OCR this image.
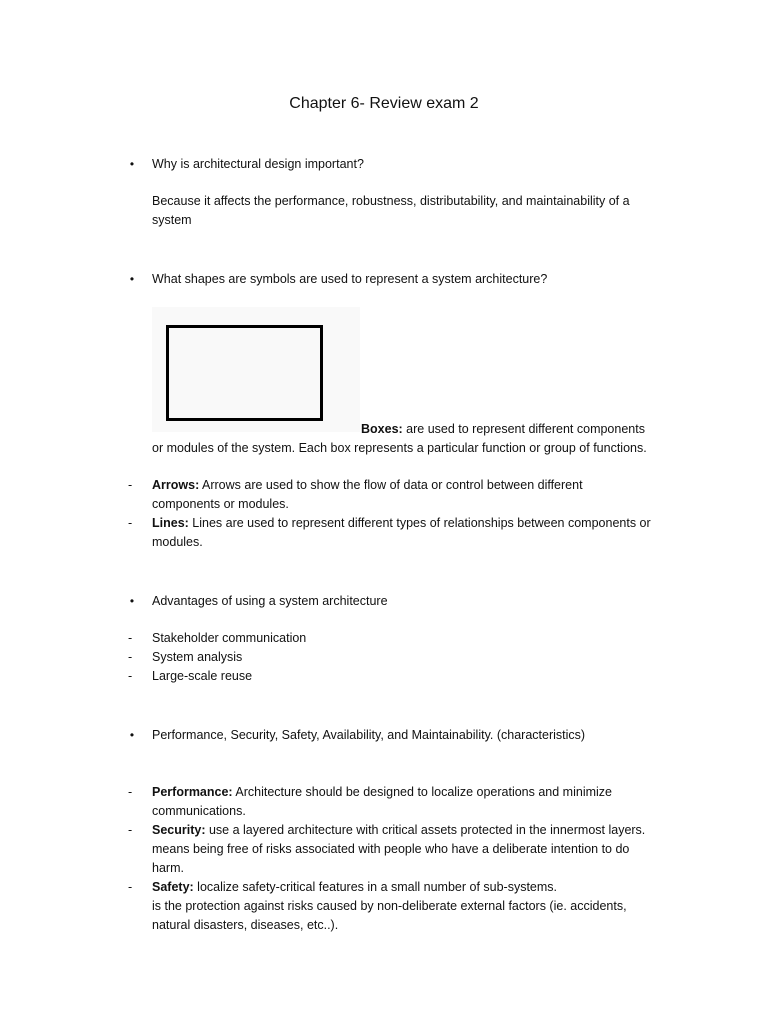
Chapter 6- Review exam 2
• Why is architectural design important?
Because it affects the performance, robustness, distributability, and maintainability of a system
• What shapes are symbols are used to represent a system architecture?
Boxes: are used to represent different components
or modules of the system. Each box represents a particular function or group of functions.
-	Arrows: Arrows are used to show the flow of data or control between different components or modules.
-	Lines: Lines are used to represent different types of relationships between components or modules.
• Advantages of using a system architecture
-	Stakeholder communication
-	System analysis
-	Large-scale reuse
• Performance, Security, Safety, Availability, and Maintainability. (characteristics)
-	Performance: Architecture should be designed to localize operations and minimize communications.
-	Security: use a layered architecture with critical assets protected in the innermost layers.
means being free of risks associated with people who have a deliberate intention to do harm.
-	Safety: localize safety-critical features in a small number of sub-systems.
is the protection against risks caused by non-deliberate external factors (ie. accidents, natural disasters, diseases, etc..).
